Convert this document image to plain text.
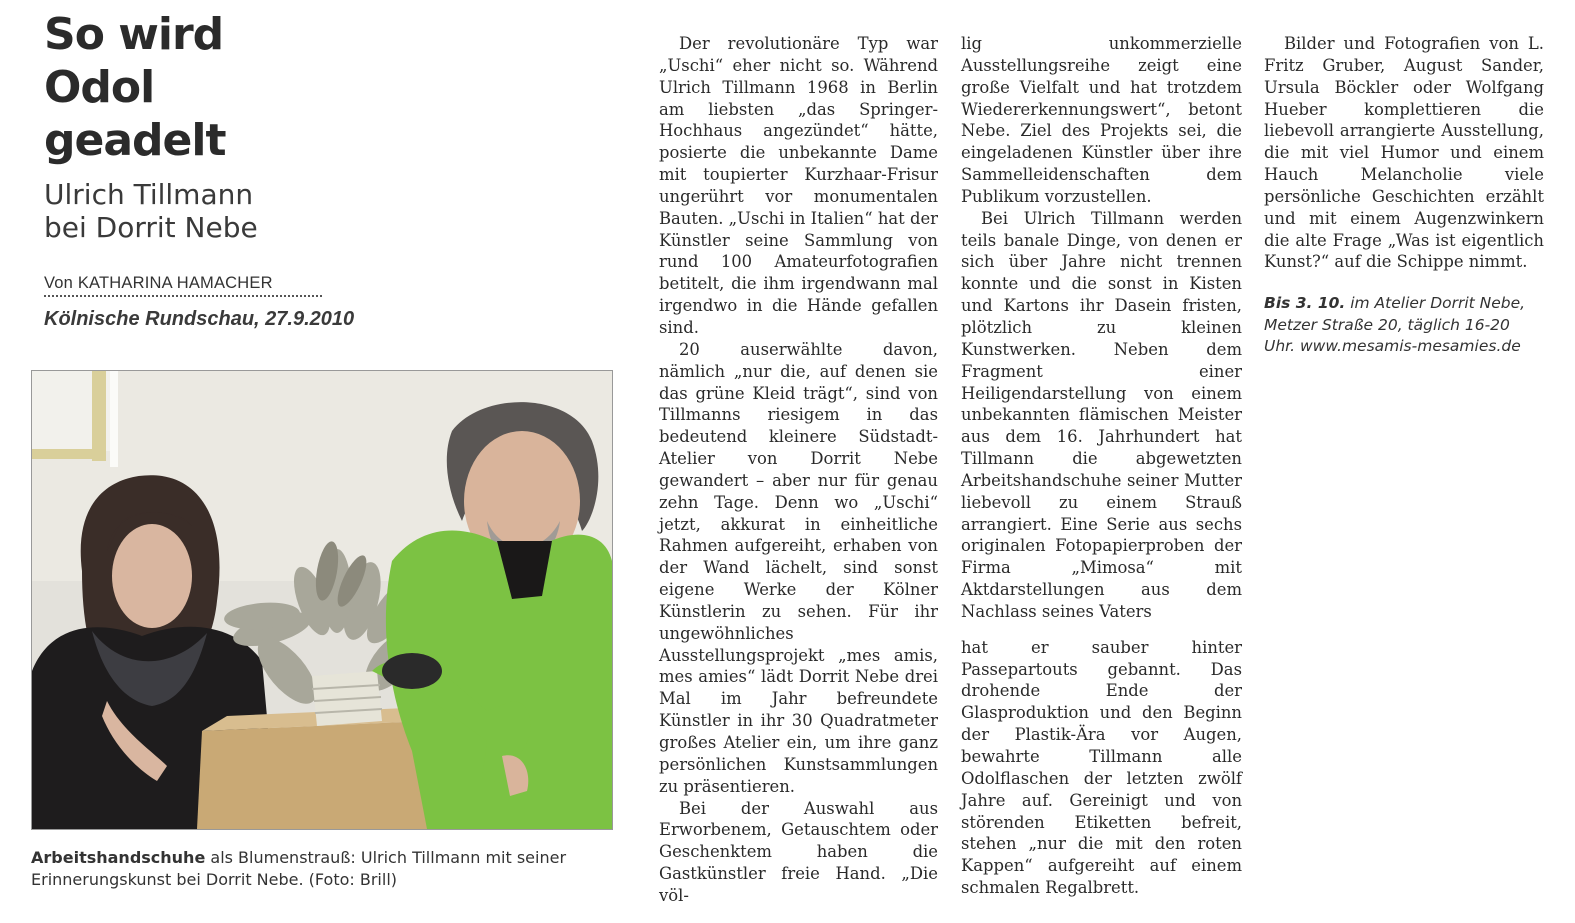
So wird
Odol
geadelt
Ulrich Tillmann
bei Dorrit Nebe
Von KATHARINA HAMACHER
Kölnische Rundschau, 27.9.2010
Arbeitshandschuhe als Blumenstrauß: Ulrich Tillmann mit seiner Erinnerungskunst bei Dorrit Nebe. (Foto: Brill)

Der revolutionäre Typ war „Uschi“ eher nicht so. Während Ulrich Tillmann 1968 in Berlin am liebsten „das Springer-Hochhaus angezündet“ hätte, posierte die unbekannte Dame mit toupierter Kurzhaar-Frisur ungerührt vor monumentalen Bauten. „Uschi in Italien“ hat der Künstler seine Sammlung von rund 100 Amateurfotografien betitelt, die ihm irgendwann mal irgendwo in die Hände gefallen sind.

20 auserwählte davon, nämlich „nur die, auf denen sie das grüne Kleid trägt“, sind von Tillmanns riesigem in das bedeutend kleinere Südstadt-Atelier von Dorrit Nebe gewandert – aber nur für genau zehn Tage. Denn wo „Uschi“ jetzt, akkurat in einheitliche Rahmen aufgereiht, erhaben von der Wand lächelt, sind sonst eigene Werke der Kölner Künstlerin zu sehen. Für ihr ungewöhnliches Ausstellungsprojekt „mes amis, mes amies“ lädt Dorrit Nebe drei Mal im Jahr befreundete Künstler in ihr 30 Quadratmeter großes Atelier ein, um ihre ganz persönlichen Kunstsammlungen zu präsentieren.

Bei der Auswahl aus Erworbenem, Getauschtem oder Geschenktem haben die Gastkünstler freie Hand. „Die völ-

lig unkommerzielle Ausstellungsreihe zeigt eine große Vielfalt und hat trotzdem Wiedererkennungswert“, betont Nebe. Ziel des Projekts sei, die eingeladenen Künstler über ihre Sammelleidenschaften dem Publikum vorzustellen.

Bei Ulrich Tillmann werden teils banale Dinge, von denen er sich über Jahre nicht trennen konnte und die sonst in Kisten und Kartons ihr Dasein fristen, plötzlich zu kleinen Kunstwerken. Neben dem Fragment einer Heiligendarstellung von einem unbekannten flämischen Meister aus dem 16. Jahrhundert hat Tillmann die abgewetzten Arbeitshandschuhe seiner Mutter liebevoll zu einem Strauß arrangiert. Eine Serie aus sechs originalen Fotopapierproben der Firma „Mimosa“ mit Aktdarstellungen aus dem Nachlass seines Vaters

hat er sauber hinter Passepartouts gebannt. Das drohende Ende der Glasproduktion und den Beginn der Plastik-Ära vor Augen, bewahrte Tillmann alle Odolflaschen der letzten zwölf Jahre auf. Gereinigt und von störenden Etiketten befreit, stehen „nur die mit den roten Kappen“ aufgereiht auf einem schmalen Regalbrett.

Bilder und Fotografien von L. Fritz Gruber, August Sander, Ursula Böckler oder Wolfgang Hueber komplettieren die liebevoll arrangierte Ausstellung, die mit viel Humor und einem Hauch Melancholie viele persönliche Geschichten erzählt und mit einem Augenzwinkern die alte Frage „Was ist eigentlich Kunst?“ auf die Schippe nimmt.

Bis 3. 10. im Atelier Dorrit Nebe, Metzer Straße 20, täglich 16-20 Uhr. www.mesamis-mesamies.de
